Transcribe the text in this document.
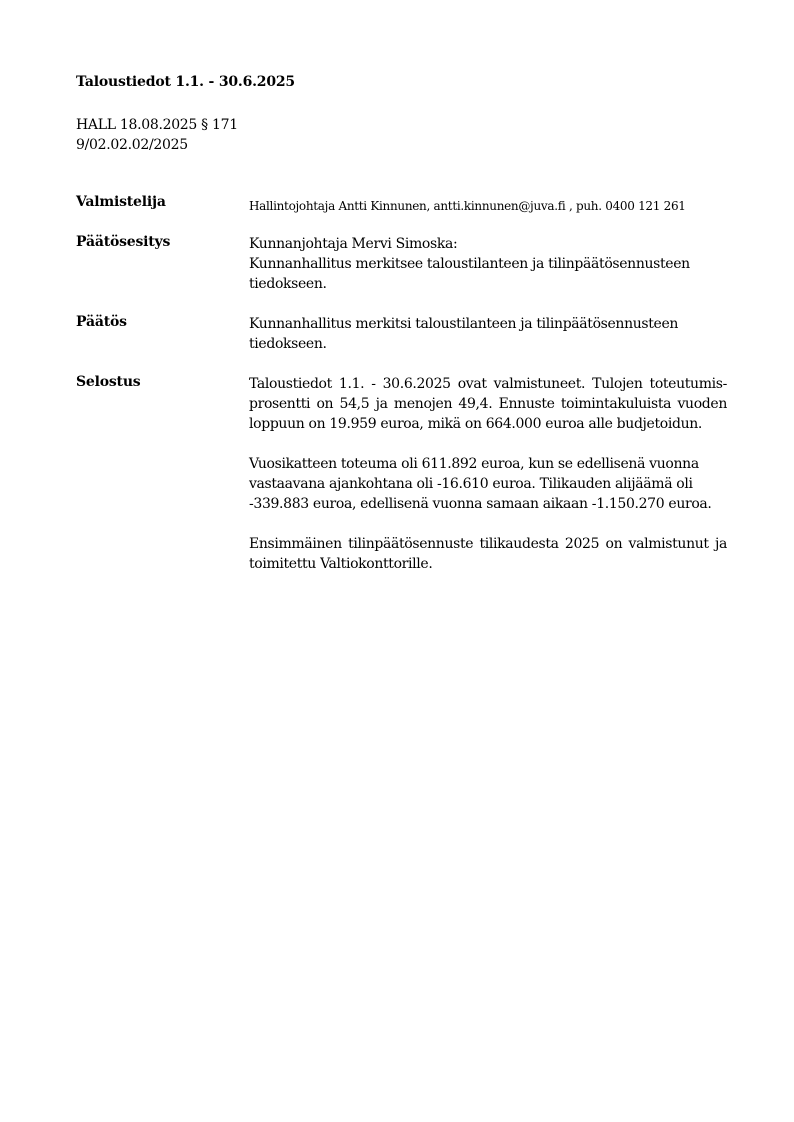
Taloustiedot 1.1. - 30.6.2025
HALL 18.08.2025 § 171
9/02.02.02/2025
Valmistelija	Hallintojohtaja Antti Kinnunen, antti.kinnunen@juva.fi , puh. 0400 121 261
Päätösesitys	Kunnanjohtaja Mervi Simoska:
Kunnanhallitus merkitsee taloustilanteen ja tilinpäätösennusteen
tiedokseen.
Päätös	Kunnanhallitus merkitsi taloustilanteen ja tilinpäätösennusteen
tiedokseen.
Selostus	Taloustiedot 1.1. - 30.6.2025 ovat valmistuneet. Tulojen toteutumis-
prosentti on 54,5 ja menojen 49,4. Ennuste toimintakuluista vuoden
loppuun on 19.959 euroa, mikä on 664.000 euroa alle budjetoidun.
Vuosikatteen toteuma oli 611.892 euroa, kun se edellisenä vuonna
vastaavana ajankohtana oli -16.610 euroa. Tilikauden alijäämä oli
-339.883 euroa, edellisenä vuonna samaan aikaan -1.150.270 euroa.
Ensimmäinen tilinpäätösennuste tilikaudesta 2025 on valmistunut ja
toimitettu Valtiokonttorille.
